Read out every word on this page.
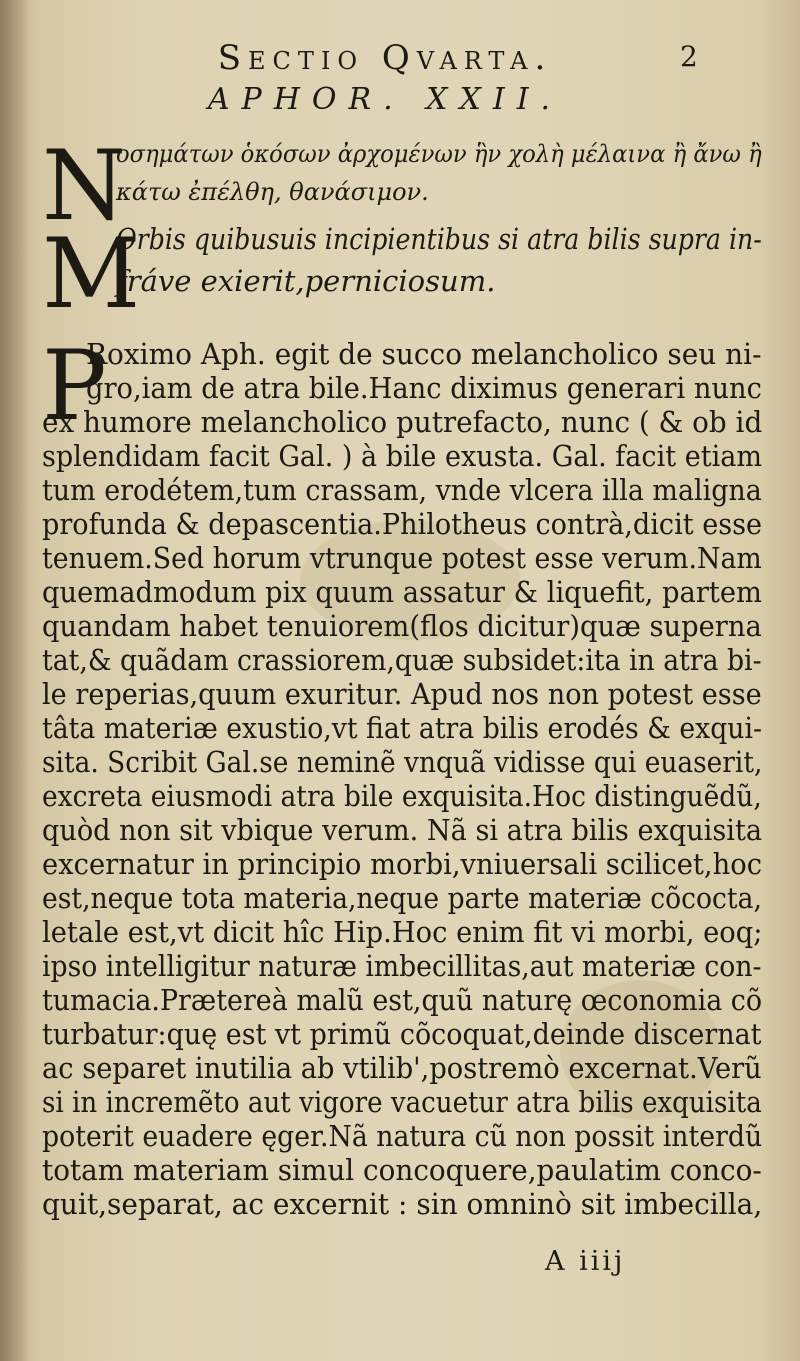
Sectio Qvarta.	2
APHOR. XXII.
N
οσημάτων ὁκόσων ἀρχομένων ἣν χολὴ μέλαινα ἢ ἄνω ἢ
κάτω ἐπέλθη, θανάσιμον.
M
Orbis quibusuis incipientibus si atra bilis supra in-
fráve exierit,perniciosum.
P
Roximo Aph. egit de succo melancholico seu ni-
gro,iam de atra bile.Hanc diximus generari nunc
ex humore melancholico putrefacto, nunc ( & ob id
splendidam facit Gal. ) à bile exusta. Gal. facit etiam
tum erodétem,tum crassam, vnde vlcera illa maligna
profunda & depascentia.Philotheus contrà,dicit esse
tenuem.Sed horum vtrunque potest esse verum.Nam
quemadmodum pix quum assatur & liquefit, partem
quandam habet tenuiorem(flos dicitur)quæ superna
tat,& quãdam crassiorem,quæ subsidet:ita in atra bi-
le reperias,quum exuritur. Apud nos non potest esse
tâta materiæ exustio,vt fiat atra bilis erodés & exqui-
sita. Scribit Gal.se neminẽ vnquã vidisse qui euaserit,
excreta eiusmodi atra bile exquisita.Hoc distinguẽdũ,
quòd non sit vbique verum. Nã si atra bilis exquisita
excernatur in principio morbi,vniuersali scilicet,hoc
est,neque tota materia,neque parte materiæ cõcocta,
letale est,vt dicit hîc Hip.Hoc enim fit vi morbi, eoq;
ipso intelligitur naturæ imbecillitas,aut materiæ con-
tumacia.Prætereà malũ est,quũ naturę œconomia cõ
turbatur:quę est vt primũ cõcoquat,deinde discernat
ac separet inutilia ab vtilib',postremò excernat.Verũ
si in incremẽto aut vigore vacuetur atra bilis exquisita
poterit euadere ęger.Nã natura cũ non possit interdũ
totam materiam simul concoquere,paulatim conco-
quit,separat, ac excernit : sin omninò sit imbecilla,
A iiij
